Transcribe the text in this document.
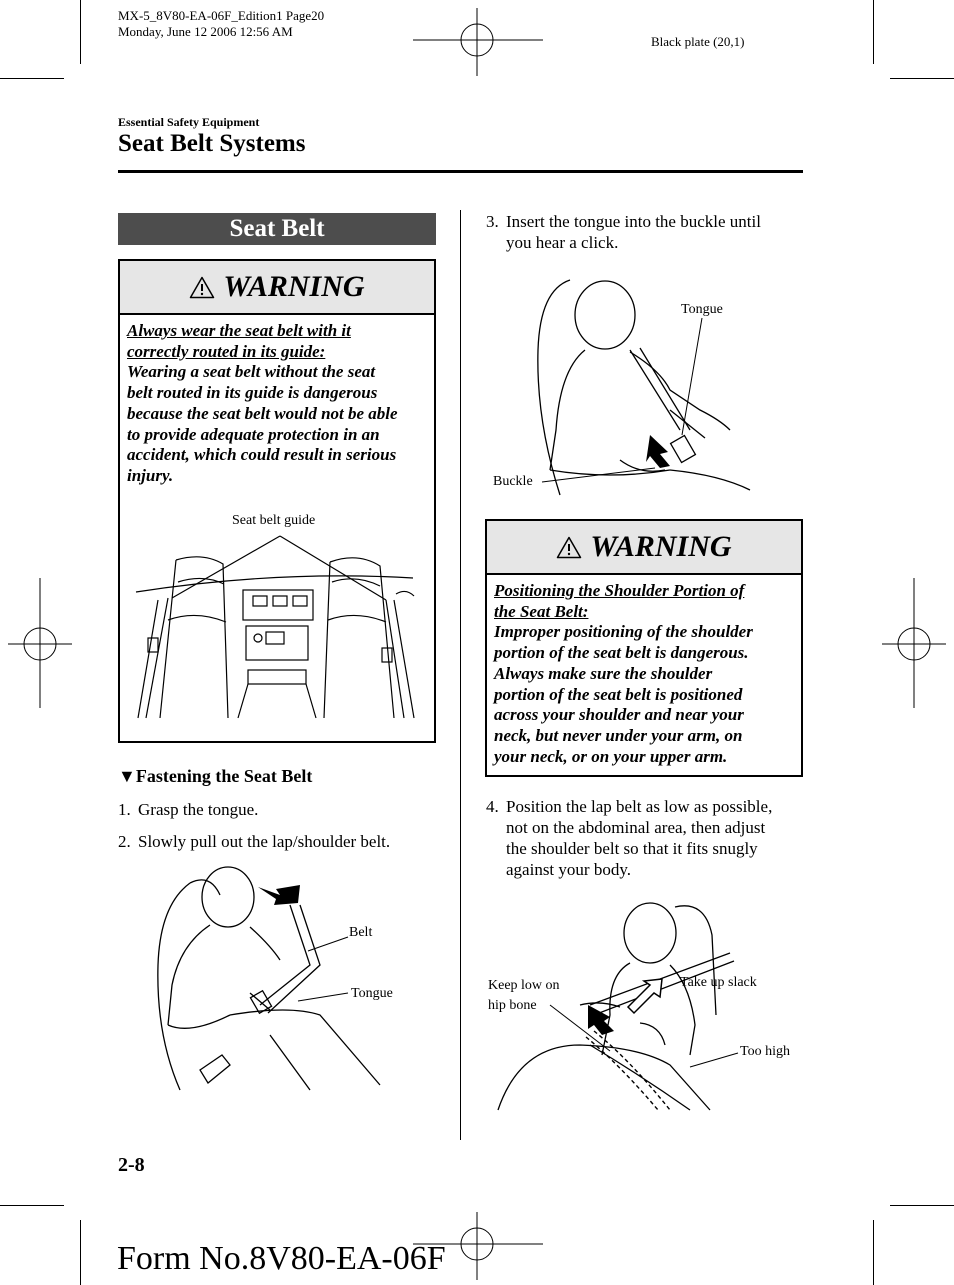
MX-5_8V80-EA-06F_Edition1 Page20
Monday, June 12 2006 12:56 AM
Black plate (20,1)
Essential Safety Equipment
Seat Belt Systems
Seat Belt
WARNING
Always wear the seat belt with it
correctly routed in its guide:
Wearing a seat belt without the seat
belt routed in its guide is dangerous
because the seat belt would not be able
to provide adequate protection in an
accident, which could result in serious
injury.
Seat belt guide
▼Fastening the Seat Belt
1. Grasp the tongue.
2. Slowly pull out the lap/shoulder belt.
Belt
Tongue
3. Insert the tongue into the buckle until
you hear a click.
Tongue
Buckle
WARNING
Positioning the Shoulder Portion of
the Seat Belt:
Improper positioning of the shoulder
portion of the seat belt is dangerous.
Always make sure the shoulder
portion of the seat belt is positioned
across your shoulder and near your
neck, but never under your arm, on
your neck, or on your upper arm.
4. Position the lap belt as low as possible,
not on the abdominal area, then adjust
the shoulder belt so that it fits snugly
against your body.
Keep low on
hip bone
Take up slack
Too high
2-8
Form No.8V80-EA-06F
